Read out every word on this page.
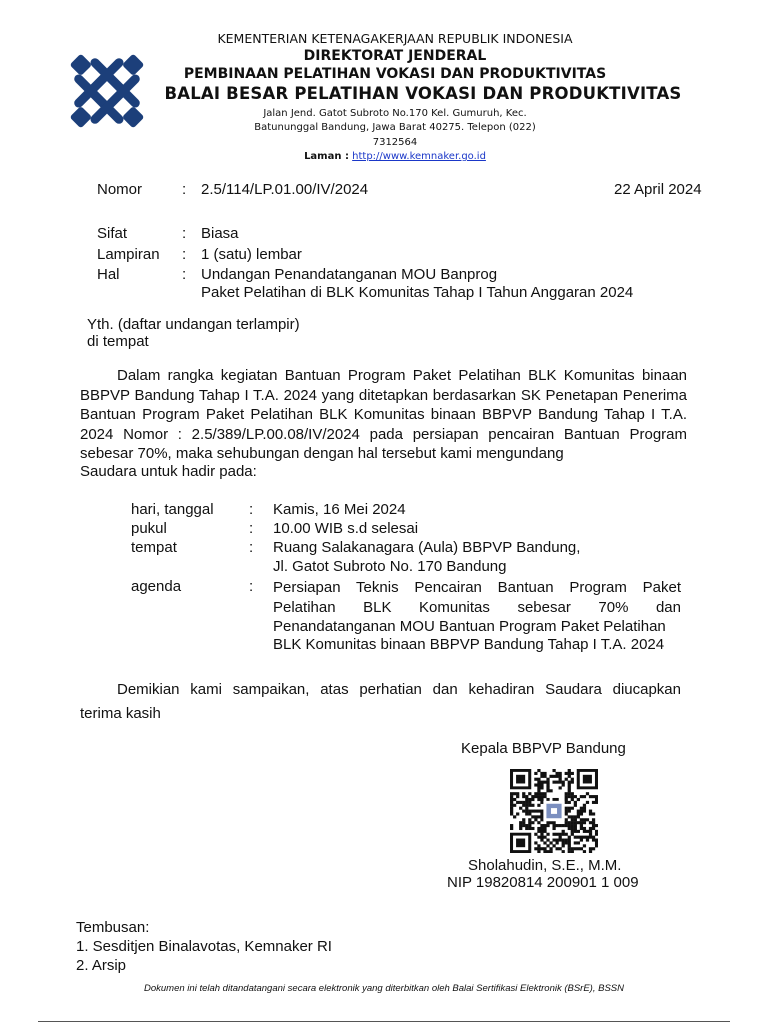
KEMENTERIAN KETENAGAKERJAAN REPUBLIK INDONESIA
DIREKTORAT JENDERAL
PEMBINAAN PELATIHAN VOKASI DAN PRODUKTIVITAS
BALAI BESAR PELATIHAN VOKASI DAN PRODUKTIVITAS
Jalan Jend. Gatot Subroto No.170 Kel. Gumuruh, Kec.
Batununggal Bandung, Jawa Barat 40275. Telepon (022)
7312564
Laman : http://www.kemnaker.go.id
Nomor	: 2.5/114/LP.01.00/IV/2024	22 April 2024
Sifat	: Biasa
Lampiran : 1 (satu) lembar
Hal	: Undangan Penandatanganan MOU Banprog
Paket Pelatihan di BLK Komunitas Tahap I Tahun Anggaran 2024
Yth. (daftar undangan terlampir)
di tempat
Dalam rangka kegiatan Bantuan Program Paket Pelatihan BLK Komunitas binaan BBPVP Bandung Tahap I T.A. 2024 yang ditetapkan berdasarkan SK Penetapan Penerima Bantuan Program Paket Pelatihan BLK Komunitas binaan BBPVP Bandung Tahap I T.A. 2024 Nomor : 2.5/389/LP.00.08/IV/2024 pada persiapan pencairan Bantuan Program sebesar 70%, maka sehubungan dengan hal tersebut kami mengundang
Saudara untuk hadir pada:
hari, tanggal : Kamis, 16 Mei 2024
pukul	: 10.00 WIB s.d selesai
tempat	: Ruang Salakanagara (Aula) BBPVP Bandung,
Jl. Gatot Subroto No. 170 Bandung
agenda	: Persiapan Teknis Pencairan Bantuan Program Paket Pelatihan BLK Komunitas sebesar 70% dan Penandatanganan MOU Bantuan Program Paket Pelatihan
BLK Komunitas binaan BBPVP Bandung Tahap I T.A. 2024
Demikian kami sampaikan, atas perhatian dan kehadiran Saudara diucapkan
terima kasih
Kepala BBPVP Bandung
Sholahudin, S.E., M.M.
NIP 19820814 200901 1 009
Tembusan:
1. Sesditjen Binalavotas, Kemnaker RI
2. Arsip
Dokumen ini telah ditandatangani secara elektronik yang diterbitkan oleh Balai Sertifikasi Elektronik (BSrE), BSSN
